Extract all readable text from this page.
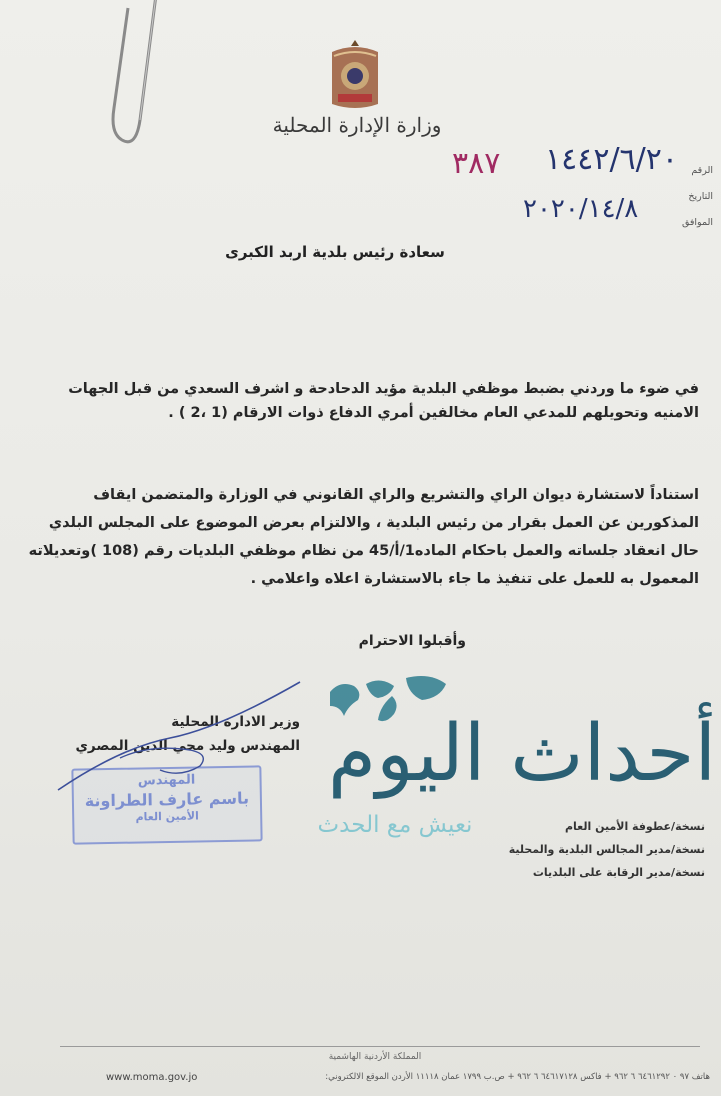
وزارة الإدارة المحلية
الرقم
التاريخ
الموافق
٣٨٧ ١٤٤٢/٦/٢٠
٢٠٢٠/١٤/٨
سعادة رئيس بلدية اربد الكبرى
في ضوء ما وردني بضبط موظفي البلدية مؤيد الدحادحة و اشرف السعدي من قبل الجهات الامنيه وتحويلهم للمدعي العام مخالفين أمري الدفاع ذوات الارقام (1 ،2 ) .
استناداً لاستشارة ديوان الراي والتشريع والراي القانوني في الوزارة والمتضمن ايقاف المذكورين عن العمل بقرار من رئيس البلدية ، والالتزام بعرض الموضوع على المجلس البلدي حال انعقاد جلساته والعمل باحكام الماده1/أ/45 من نظام موظفي البلديات رقم (108 )وتعديلاته المعمول به للعمل على تنفيذ ما جاء بالاستشارة اعلاه واعلامي .
وأقبلوا الاحترام
وزير الادارة المحلية
المهندس وليد محي الدين المصري
المهندس
باسم عارف الطراونة
الأمين العام
أحداث اليوم
نعيش مع الحدث	نسخة/عطوفة الأمين العام
نسخة/مدير المجالس البلدية والمحلية
نسخة/مدير الرقابة على البلديات
المملكة الأردنية الهاشمية
هاتف ٩٧ ٠ ٦٤٦١٢٩٢ ٦ ٩٦٢ + فاكس ٦٤٦١٧١٢٨ ٦ ٩٦٢ + ص.ب ١٧٩٩ عمان ١١١١٨ الأردن الموقع الالكتروني:
www.moma.gov.jo
